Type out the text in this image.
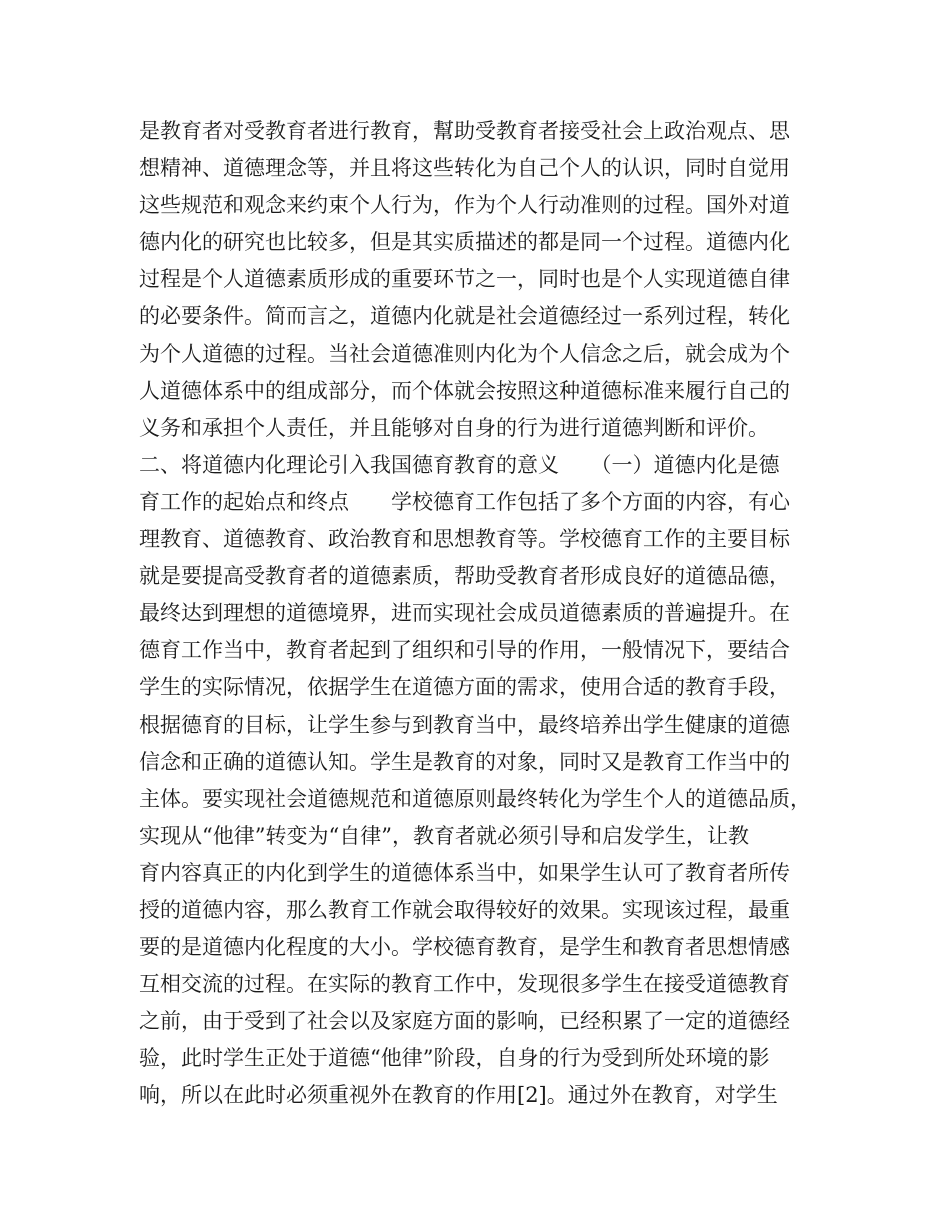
是教育者对受教育者进行教育，幫助受教育者接受社会上政治观点、思
想精神、道德理念等，并且将这些转化为自己个人的认识，同时自觉用
这些规范和观念来约束个人行为，作为个人行动准则的过程。国外对道
德内化的研究也比较多，但是其实质描述的都是同一个过程。道德内化
过程是个人道德素质形成的重要环节之一，同时也是个人实现道德自律
的必要条件。简而言之，道德内化就是社会道德经过一系列过程，转化
为个人道德的过程。当社会道德准则内化为个人信念之后，就会成为个
人道德体系中的组成部分，而个体就会按照这种道德标准来履行自己的
义务和承担个人责任，并且能够对自身的行为进行道德判断和评价。
二、将道德内化理论引入我国德育教育的意义　　（一）道德内化是德
育工作的起始点和终点　　学校德育工作包括了多个方面的内容，有心
理教育、道德教育、政治教育和思想教育等。学校德育工作的主要目标
就是要提高受教育者的道德素质，帮助受教育者形成良好的道德品德，
最终达到理想的道德境界，进而实现社会成员道德素质的普遍提升。在
德育工作当中，教育者起到了组织和引导的作用，一般情况下，要结合
学生的实际情况，依据学生在道德方面的需求，使用合适的教育手段，
根据德育的目标，让学生参与到教育当中，最终培养出学生健康的道德
信念和正确的道德认知。学生是教育的对象，同时又是教育工作当中的
主体。要实现社会道德规范和道德原则最终转化为学生个人的道德品质，
实现从“他律”转变为“自律”，教育者就必须引导和启发学生，让教
育内容真正的内化到学生的道德体系当中，如果学生认可了教育者所传
授的道德内容，那么教育工作就会取得较好的效果。实现该过程，最重
要的是道德内化程度的大小。学校德育教育，是学生和教育者思想情感
互相交流的过程。在实际的教育工作中，发现很多学生在接受道德教育
之前，由于受到了社会以及家庭方面的影响，已经积累了一定的道德经
验，此时学生正处于道德“他律”阶段，自身的行为受到所处环境的影
响，所以在此时必须重视外在教育的作用[2]。通过外在教育，对学生
